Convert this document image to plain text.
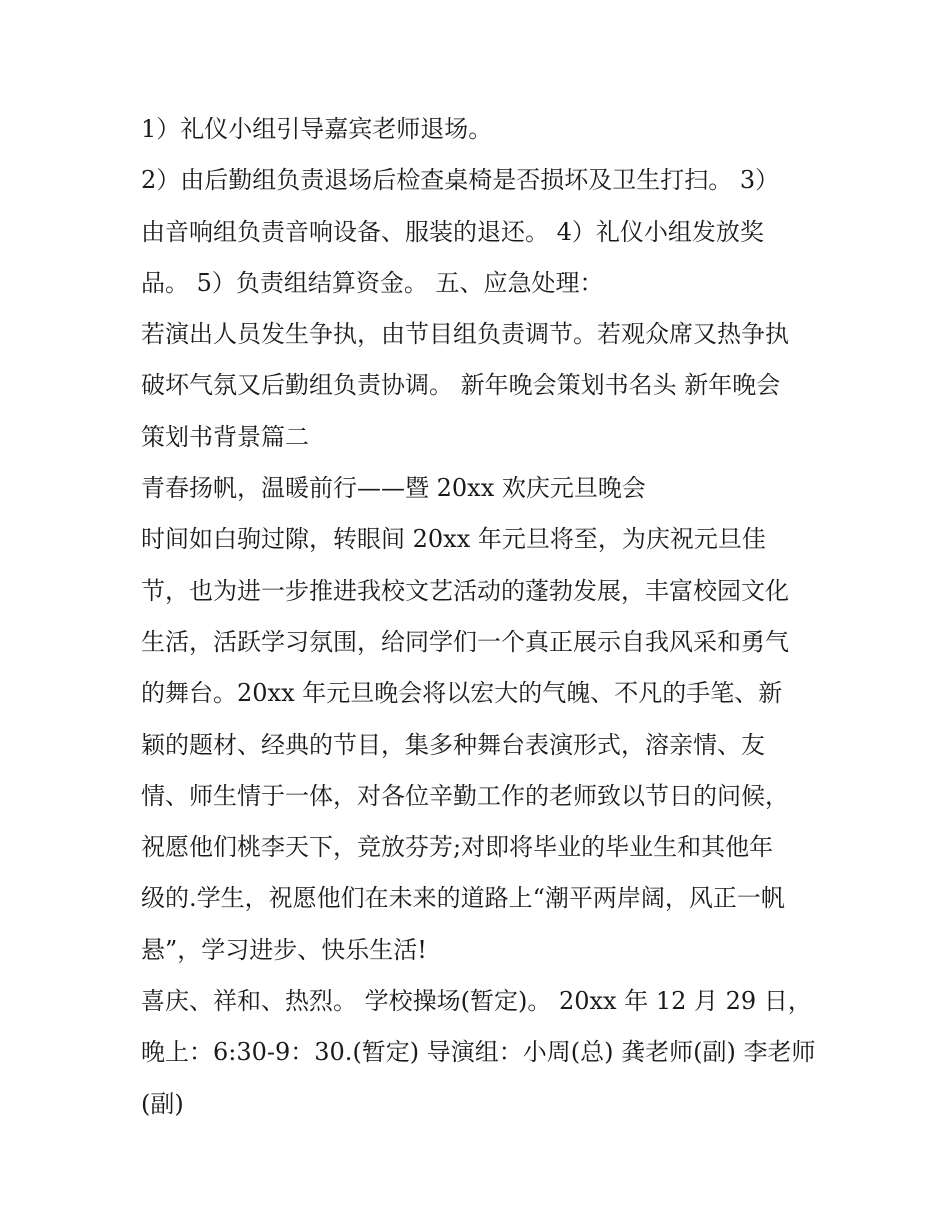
1）礼仪小组引导嘉宾老师退场。
2）由后勤组负责退场后检查桌椅是否损坏及卫生打扫。 3）
由音响组负责音响设备、服装的退还。 4）礼仪小组发放奖
品。 5）负责组结算资金。 五、应急处理：
若演出人员发生争执，由节目组负责调节。若观众席又热争执
破坏气氛又后勤组负责协调。 新年晚会策划书名头 新年晚会
策划书背景篇二
青春扬帆，温暖前行——暨 20xx 欢庆元旦晚会
时间如白驹过隙，转眼间 20xx 年元旦将至，为庆祝元旦佳
节，也为进一步推进我校文艺活动的蓬勃发展，丰富校园文化
生活，活跃学习氛围，给同学们一个真正展示自我风采和勇气
的舞台。20xx 年元旦晚会将以宏大的气魄、不凡的手笔、新
颖的题材、经典的节目，集多种舞台表演形式，溶亲情、友
情、师生情于一体，对各位辛勤工作的老师致以节日的问候，
祝愿他们桃李天下，竞放芬芳;对即将毕业的毕业生和其他年
级的.学生，祝愿他们在未来的道路上“潮平两岸阔，风正一帆
悬”，学习进步、快乐生活!
喜庆、祥和、热烈。 学校操场(暂定)。 20xx 年 12 月 29 日，
晚上：6:30-9：30.(暂定) 导演组：小周(总) 龚老师(副) 李老师
(副)
